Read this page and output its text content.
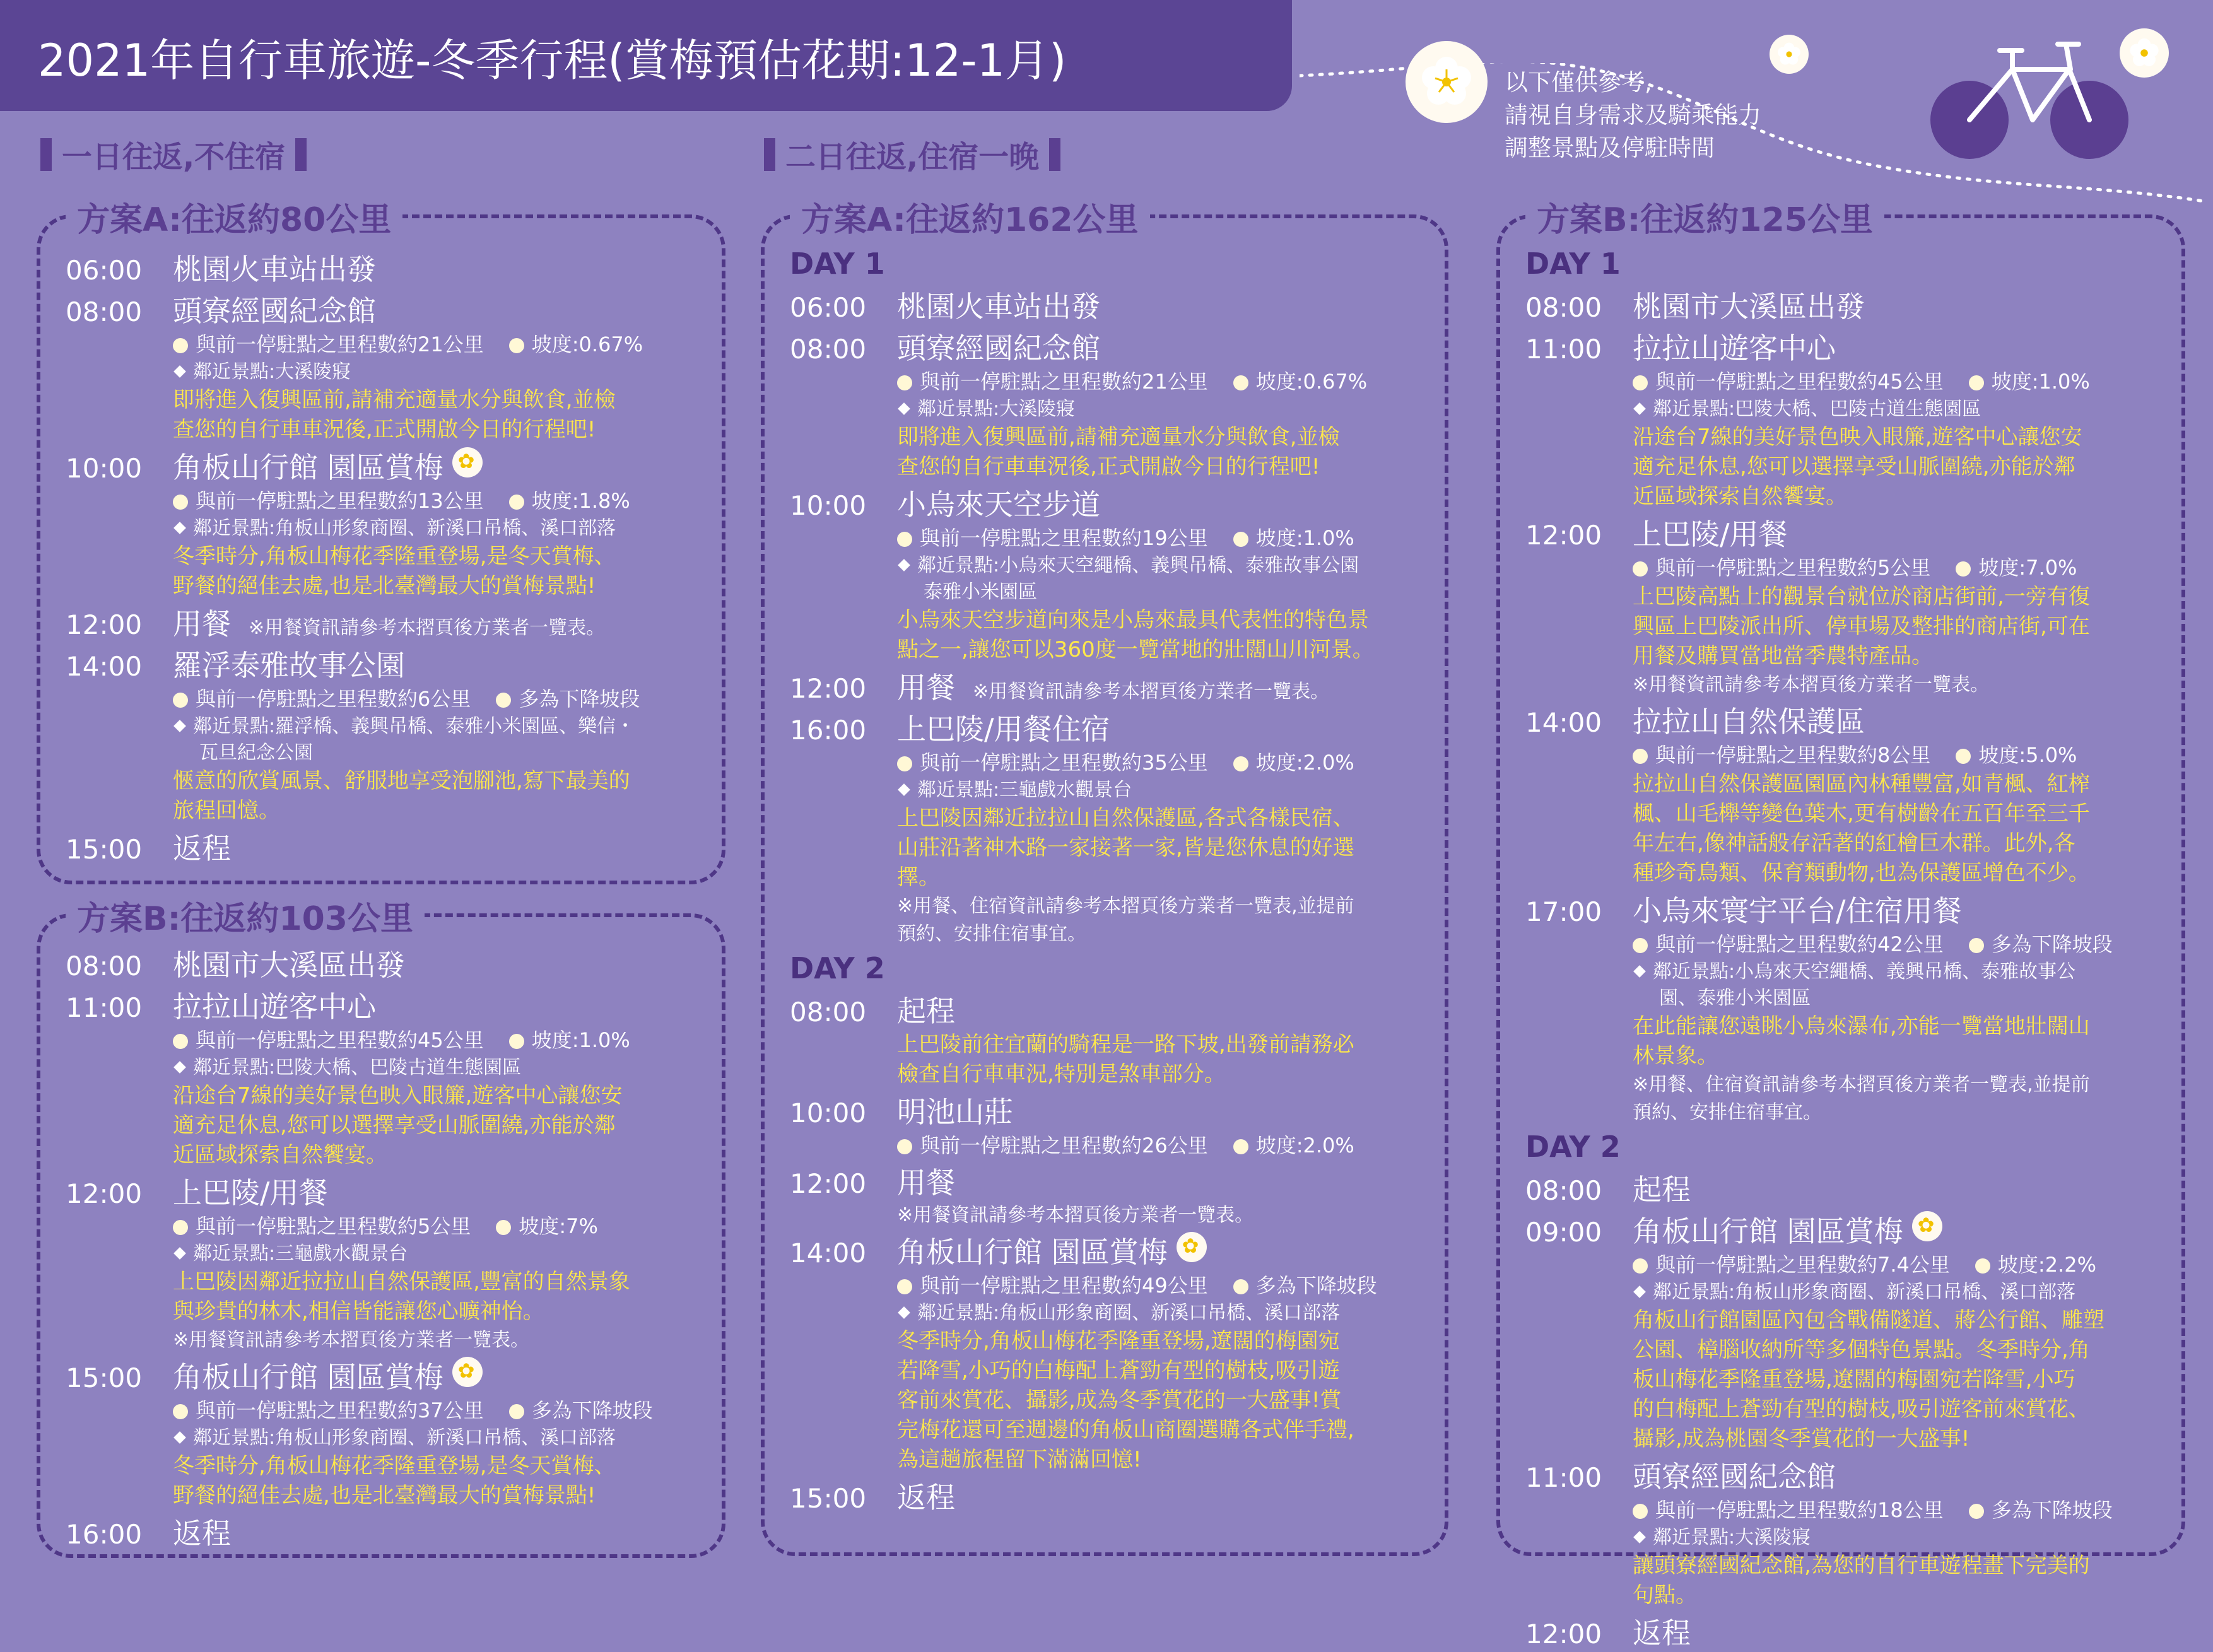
2021年自行車旅遊-冬季行程(賞梅預估花期:12-1月)	以下僅供參考,
請視自身需求及騎乘能力
調整景點及停駐時間
一日往返,不住宿	二日往返,住宿一晚
方案A:往返約80公里
06:00	桃園火車站出發
08:00	頭寮經國紀念館
與前一停駐點之里程數約21公里 坡度:0.67%
鄰近景點:大溪陵寢
即將進入復興區前,請補充適量水分與飲食,並檢
查您的自行車車況後,正式開啟今日的行程吧!
10:00	角板山行館 園區賞梅
✿
與前一停駐點之里程數約13公里 坡度:1.8%
鄰近景點:角板山形象商圈、新溪口吊橋、溪口部落
冬季時分,角板山梅花季隆重登場,是冬天賞梅、
野餐的絕佳去處,也是北臺灣最大的賞梅景點!
12:00	用餐 ※用餐資訊請參考本摺頁後方業者一覽表。
14:00	羅浮泰雅故事公園
與前一停駐點之里程數約6公里 多為下降坡段
鄰近景點:羅浮橋、義興吊橋、泰雅小米園區、樂信・
瓦旦紀念公園
愜意的欣賞風景、舒服地享受泡腳池,寫下最美的
旅程回憶。
15:00	返程
方案B:往返約103公里
08:00	桃園市大溪區出發
11:00	拉拉山遊客中心
與前一停駐點之里程數約45公里 坡度:1.0%
鄰近景點:巴陵大橋、巴陵古道生態園區
沿途台7線的美好景色映入眼簾,遊客中心讓您安
適充足休息,您可以選擇享受山脈圍繞,亦能於鄰
近區域探索自然饗宴。
12:00	上巴陵/用餐
與前一停駐點之里程數約5公里 坡度:7%
鄰近景點:三龜戲水觀景台
上巴陵因鄰近拉拉山自然保護區,豐富的自然景象
與珍貴的林木,相信皆能讓您心曠神怡。
※用餐資訊請參考本摺頁後方業者一覽表。
15:00	角板山行館 園區賞梅
✿
與前一停駐點之里程數約37公里 多為下降坡段
鄰近景點:角板山形象商圈、新溪口吊橋、溪口部落
冬季時分,角板山梅花季隆重登場,是冬天賞梅、
野餐的絕佳去處,也是北臺灣最大的賞梅景點!
16:00	返程
方案A:往返約162公里
DAY 1
06:00	桃園火車站出發
08:00	頭寮經國紀念館
與前一停駐點之里程數約21公里 坡度:0.67%
鄰近景點:大溪陵寢
即將進入復興區前,請補充適量水分與飲食,並檢
查您的自行車車況後,正式開啟今日的行程吧!
10:00	小烏來天空步道
與前一停駐點之里程數約19公里 坡度:1.0%
鄰近景點:小烏來天空繩橋、義興吊橋、泰雅故事公園
泰雅小米園區
小烏來天空步道向來是小烏來最具代表性的特色景
點之一,讓您可以360度一覽當地的壯闊山川河景。
12:00	用餐 ※用餐資訊請參考本摺頁後方業者一覽表。
16:00	上巴陵/用餐住宿
與前一停駐點之里程數約35公里 坡度:2.0%
鄰近景點:三龜戲水觀景台
上巴陵因鄰近拉拉山自然保護區,各式各樣民宿、
山莊沿著神木路一家接著一家,皆是您休息的好選
擇。
※用餐、住宿資訊請參考本摺頁後方業者一覽表,並提前
預約、安排住宿事宜。
DAY 2
08:00	起程
上巴陵前往宜蘭的騎程是一路下坡,出發前請務必
檢查自行車車況,特別是煞車部分。
10:00	明池山莊
與前一停駐點之里程數約26公里 坡度:2.0%
12:00	用餐
※用餐資訊請參考本摺頁後方業者一覽表。
14:00	角板山行館 園區賞梅
✿
與前一停駐點之里程數約49公里 多為下降坡段
鄰近景點:角板山形象商圈、新溪口吊橋、溪口部落
冬季時分,角板山梅花季隆重登場,遼闊的梅園宛
若降雪,小巧的白梅配上蒼勁有型的樹枝,吸引遊
客前來賞花、攝影,成為冬季賞花的一大盛事!賞
完梅花還可至週邊的角板山商圈選購各式伴手禮,
為這趟旅程留下滿滿回憶!
15:00	返程
方案B:往返約125公里
DAY 1
08:00	桃園市大溪區出發
11:00	拉拉山遊客中心
與前一停駐點之里程數約45公里 坡度:1.0%
鄰近景點:巴陵大橋、巴陵古道生態園區
沿途台7線的美好景色映入眼簾,遊客中心讓您安
適充足休息,您可以選擇享受山脈圍繞,亦能於鄰
近區域探索自然饗宴。
12:00	上巴陵/用餐
與前一停駐點之里程數約5公里 坡度:7.0%
上巴陵高點上的觀景台就位於商店街前,一旁有復
興區上巴陵派出所、停車場及整排的商店街,可在
用餐及購買當地當季農特產品。
※用餐資訊請參考本摺頁後方業者一覽表。
14:00	拉拉山自然保護區
與前一停駐點之里程數約8公里 坡度:5.0%
拉拉山自然保護區園區內林種豐富,如青楓、紅榨
楓、山毛櫸等變色葉木,更有樹齡在五百年至三千
年左右,像神話般存活著的紅檜巨木群。此外,各
種珍奇鳥類、保育類動物,也為保護區增色不少。
17:00	小烏來寰宇平台/住宿用餐
與前一停駐點之里程數約42公里 多為下降坡段
鄰近景點:小烏來天空繩橋、義興吊橋、泰雅故事公
園、泰雅小米園區
在此能讓您遠眺小烏來瀑布,亦能一覽當地壯闊山
林景象。
※用餐、住宿資訊請參考本摺頁後方業者一覽表,並提前
預約、安排住宿事宜。
DAY 2
08:00	起程
09:00	角板山行館 園區賞梅
✿
與前一停駐點之里程數約7.4公里 坡度:2.2%
鄰近景點:角板山形象商圈、新溪口吊橋、溪口部落
角板山行館園區內包含戰備隧道、蔣公行館、雕塑
公園、樟腦收納所等多個特色景點。冬季時分,角
板山梅花季隆重登場,遼闊的梅園宛若降雪,小巧
的白梅配上蒼勁有型的樹枝,吸引遊客前來賞花、
攝影,成為桃園冬季賞花的一大盛事!
11:00	頭寮經國紀念館
與前一停駐點之里程數約18公里 多為下降坡段
鄰近景點:大溪陵寢
讓頭寮經國紀念館,為您的自行車遊程畫下完美的
句點。
12:00	返程
